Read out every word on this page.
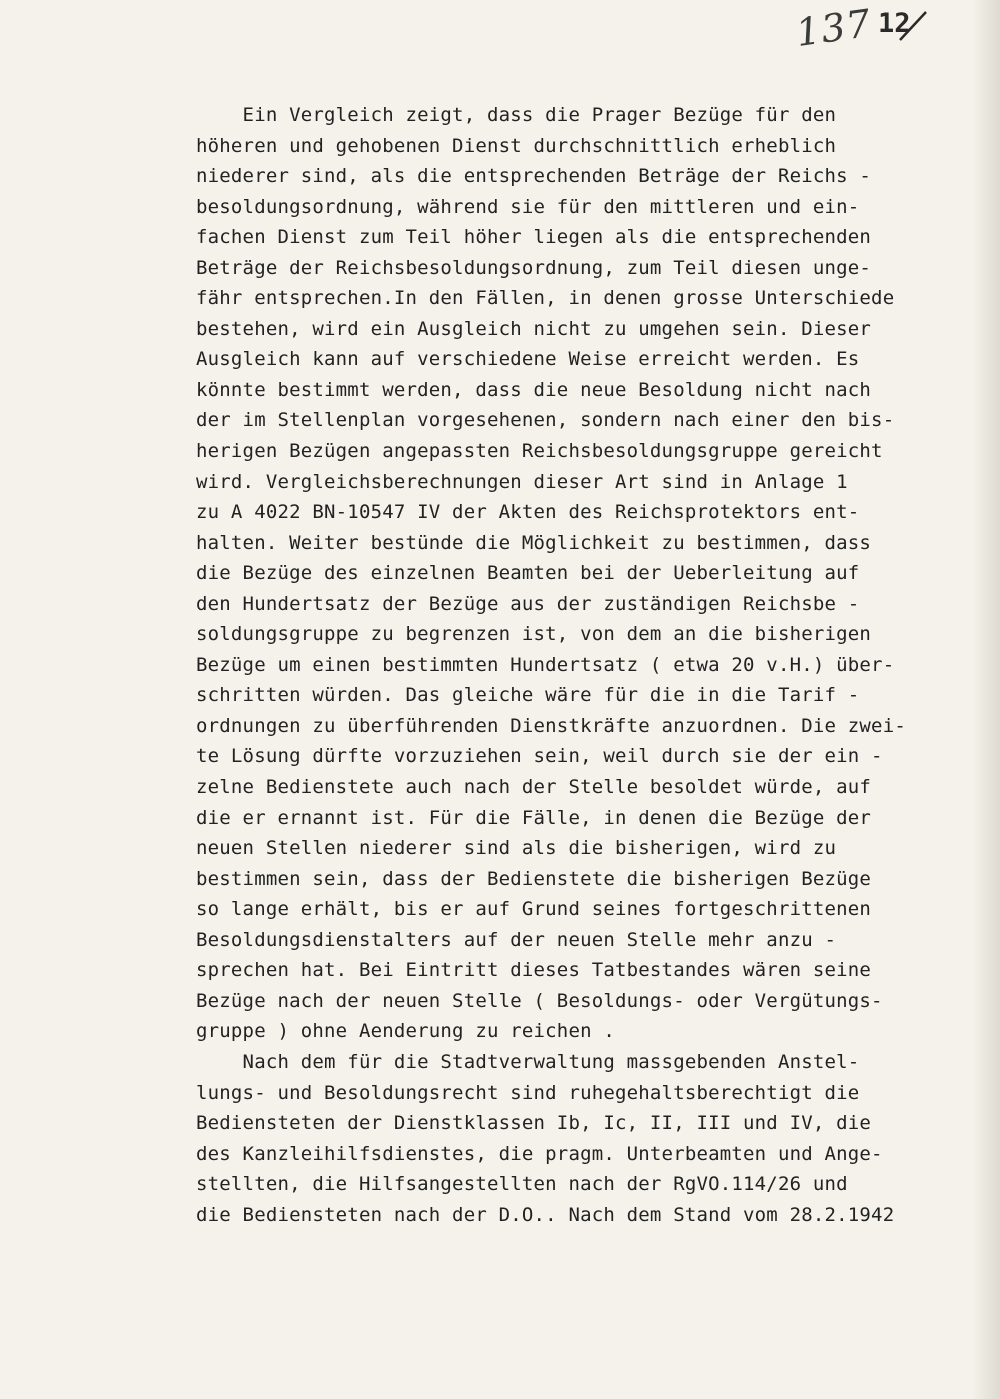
137 12
Ein Vergleich zeigt, dass die Prager Bezüge für den
höheren und gehobenen Dienst durchschnittlich erheblich
niederer sind, als die entsprechenden Beträge der Reichs -
besoldungsordnung, während sie für den mittleren und ein-
fachen Dienst zum Teil höher liegen als die entsprechenden
Beträge der Reichsbesoldungsordnung, zum Teil diesen unge-
fähr entsprechen.In den Fällen, in denen grosse Unterschiede
bestehen, wird ein Ausgleich nicht zu umgehen sein. Dieser
Ausgleich kann auf verschiedene Weise erreicht werden. Es
könnte bestimmt werden, dass die neue Besoldung nicht nach
der im Stellenplan vorgesehenen, sondern nach einer den bis-
herigen Bezügen angepassten Reichsbesoldungsgruppe gereicht
wird. Vergleichsberechnungen dieser Art sind in Anlage 1
zu A 4022 BN-10547 IV der Akten des Reichsprotektors ent-
halten. Weiter bestünde die Möglichkeit zu bestimmen, dass
die Bezüge des einzelnen Beamten bei der Ueberleitung auf
den Hundertsatz der Bezüge aus der zuständigen Reichsbe -
soldungsgruppe zu begrenzen ist, von dem an die bisherigen
Bezüge um einen bestimmten Hundertsatz ( etwa 20 v.H.) über-
schritten würden. Das gleiche wäre für die in die Tarif -
ordnungen zu überführenden Dienstkräfte anzuordnen. Die zwei-
te Lösung dürfte vorzuziehen sein, weil durch sie der ein -
zelne Bedienstete auch nach der Stelle besoldet würde, auf
die er ernannt ist. Für die Fälle, in denen die Bezüge der
neuen Stellen niederer sind als die bisherigen, wird zu
bestimmen sein, dass der Bedienstete die bisherigen Bezüge
so lange erhält, bis er auf Grund seines fortgeschrittenen
Besoldungsdienstalters auf der neuen Stelle mehr anzu -
sprechen hat. Bei Eintritt dieses Tatbestandes wären seine
Bezüge nach der neuen Stelle ( Besoldungs- oder Vergütungs-
gruppe ) ohne Aenderung zu reichen .
Nach dem für die Stadtverwaltung massgebenden Anstel-
lungs- und Besoldungsrecht sind ruhegehaltsberechtigt die
Bediensteten der Dienstklassen Ib, Ic, II, III und IV, die
des Kanzleihilfsdienstes, die pragm. Unterbeamten und Ange-
stellten, die Hilfsangestellten nach der RgVO.114/26 und
die Bediensteten nach der D.O.. Nach dem Stand vom 28.2.1942
